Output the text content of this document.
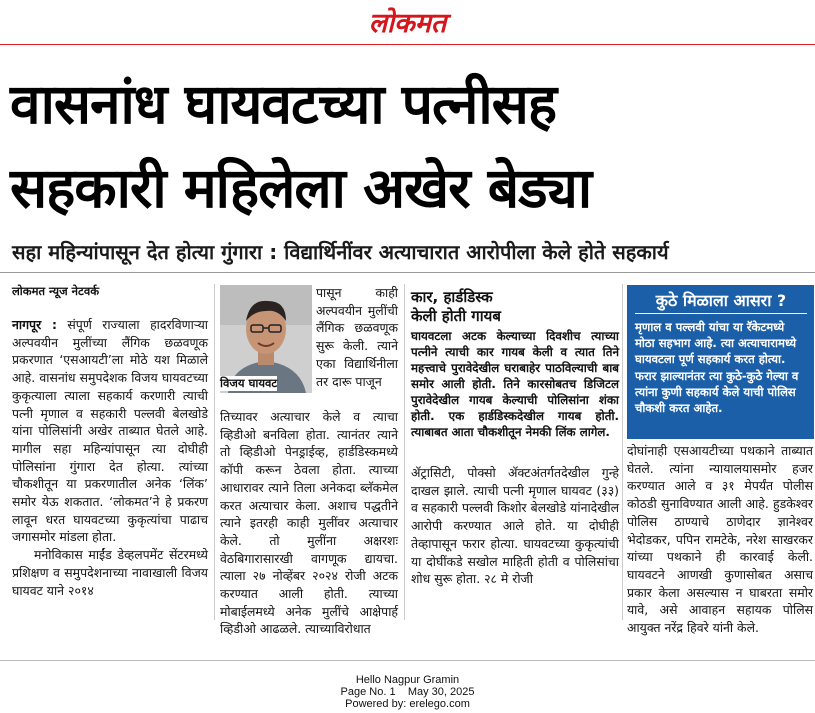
लोकमत
वासनांध घायवटच्या पत्नीसह
सहकारी महिलेला अखेर बेड्या
सहा महिन्यांपासून देत होत्या गुंगारा : विद्यार्थिनींवर अत्याचारात आरोपीला केले होते सहकार्य
लोकमत न्यूज नेटवर्क

नागपूर : संपूर्ण राज्याला हादरविणाऱ्या अल्पवयीन मुलींच्या लैंगिक छळवणूक प्रकरणात ‘एसआयटी’ला मोठे यश मिळाले आहे. वासनांध समुपदेशक विजय घायवटच्या कुकृत्याला त्याला सहकार्य करणारी त्याची पत्नी मृणाल व सहकारी पल्लवी बेलखोडे यांना पोलिसांनी अखेर ताब्यात घेतले आहे. मागील सहा महिन्यांपासून त्या दोघीही पोलिसांना गुंगारा देत होत्या. त्यांच्या चौकशीतून या प्रकरणातील अनेक ‘लिंक’ समोर येऊ शकतात. ‘लोकमत’ने हे प्रकरण लावून धरत घायवटच्या कुकृत्यांचा पाढाच जगासमोर मांडला होता.

मनोविकास माईंड डेव्हलपमेंट सेंटरमध्ये प्रशिक्षण व समुपदेशनाच्या नावाखाली विजय घायवट याने २०१४

विजय घायवट

पासून काही अल्पवयीन मुलींची लैंगिक छळवणूक सुरू केली. त्याने एका विद्यार्थिनीला तर दारू पाजून

तिच्यावर अत्याचार केले व त्याचा व्हिडीओ बनविला होता. त्यानंतर त्याने तो व्हिडीओ पेनड्राईव्ह, हार्डडिस्कमध्ये कॉपी करून ठेवला होता. त्याच्या आधारावर त्याने तिला अनेकदा ब्लॅकमेल करत अत्याचार केला. अशाच पद्धतीने त्याने इतरही काही मुलींवर अत्याचार केले. तो मुलींना अक्षरशः वेठबिगारासारखी वागणूक द्यायचा. त्याला २७ नोव्हेंबर २०२४ रोजी अटक करण्यात आली होती. त्याच्या मोबाईलमध्ये अनेक मुलींचे आक्षेपार्ह व्हिडीओ आढळले. त्याच्याविरोधात

कार, हार्डडिस्क
केली होती गायब
घायवटला अटक केल्याच्या दिवशीच त्याच्या पत्नीने त्याची कार गायब केली व त्यात तिने महत्त्वाचे पुरावेदेखील घराबाहेर पाठविल्याची बाब समोर आली होती. तिने कारसोबतच डिजिटल पुरावेदेखील गायब केल्याची पोलिसांना शंका होती. एक हार्डडिस्कदेखील गायब होती. त्याबाबत आता चौकशीतून नेमकी लिंक लागेल.

ॲट्रासिटी, पोक्सो ॲक्टअंतर्गतदेखील गुन्हे दाखल झाले. त्याची पत्नी मृणाल घायवट (३३) व सहकारी पल्लवी किशोर बेलखोडे यांनादेखील आरोपी करण्यात आले होते. या दोघीही तेव्हापासून फरार होत्या. घायवटच्या कुकृत्यांची या दोघींकडे सखोल माहिती होती व पोलिसांचा शोध सुरू होता. २८ मे रोजी

कुठे मिळाला आसरा ?
मृणाल व पल्लवी यांचा या रॅकेटमध्ये मोठा सहभाग आहे. त्या अत्याचारामध्ये घायवटला पूर्ण सहकार्य करत होत्या. फरार झाल्यानंतर त्या कुठे-कुठे गेल्या व त्यांना कुणी सहकार्य केले याची पोलिस चौकशी करत आहेत.

दोघांनाही एसआयटीच्या पथकाने ताब्यात घेतले. त्यांना न्यायालयासमोर हजर करण्यात आले व ३१ मेपर्यंत पोलीस कोठडी सुनाविण्यात आली आहे. हुडकेश्वर पोलिस ठाण्याचे ठाणेदार ज्ञानेश्वर भेदोडकर, पपिन रामटेके, नरेश साखरकर यांच्या पथकाने ही कारवाई केली. घायवटने आणखी कुणासोबत असाच प्रकार केला असल्यास न घाबरता समोर यावे, असे आवाहन सहायक पोलिस आयुक्त नरेंद्र हिवरे यांनी केले.

Hello Nagpur Gramin
Page No. 1 May 30, 2025
Powered by: erelego.com
